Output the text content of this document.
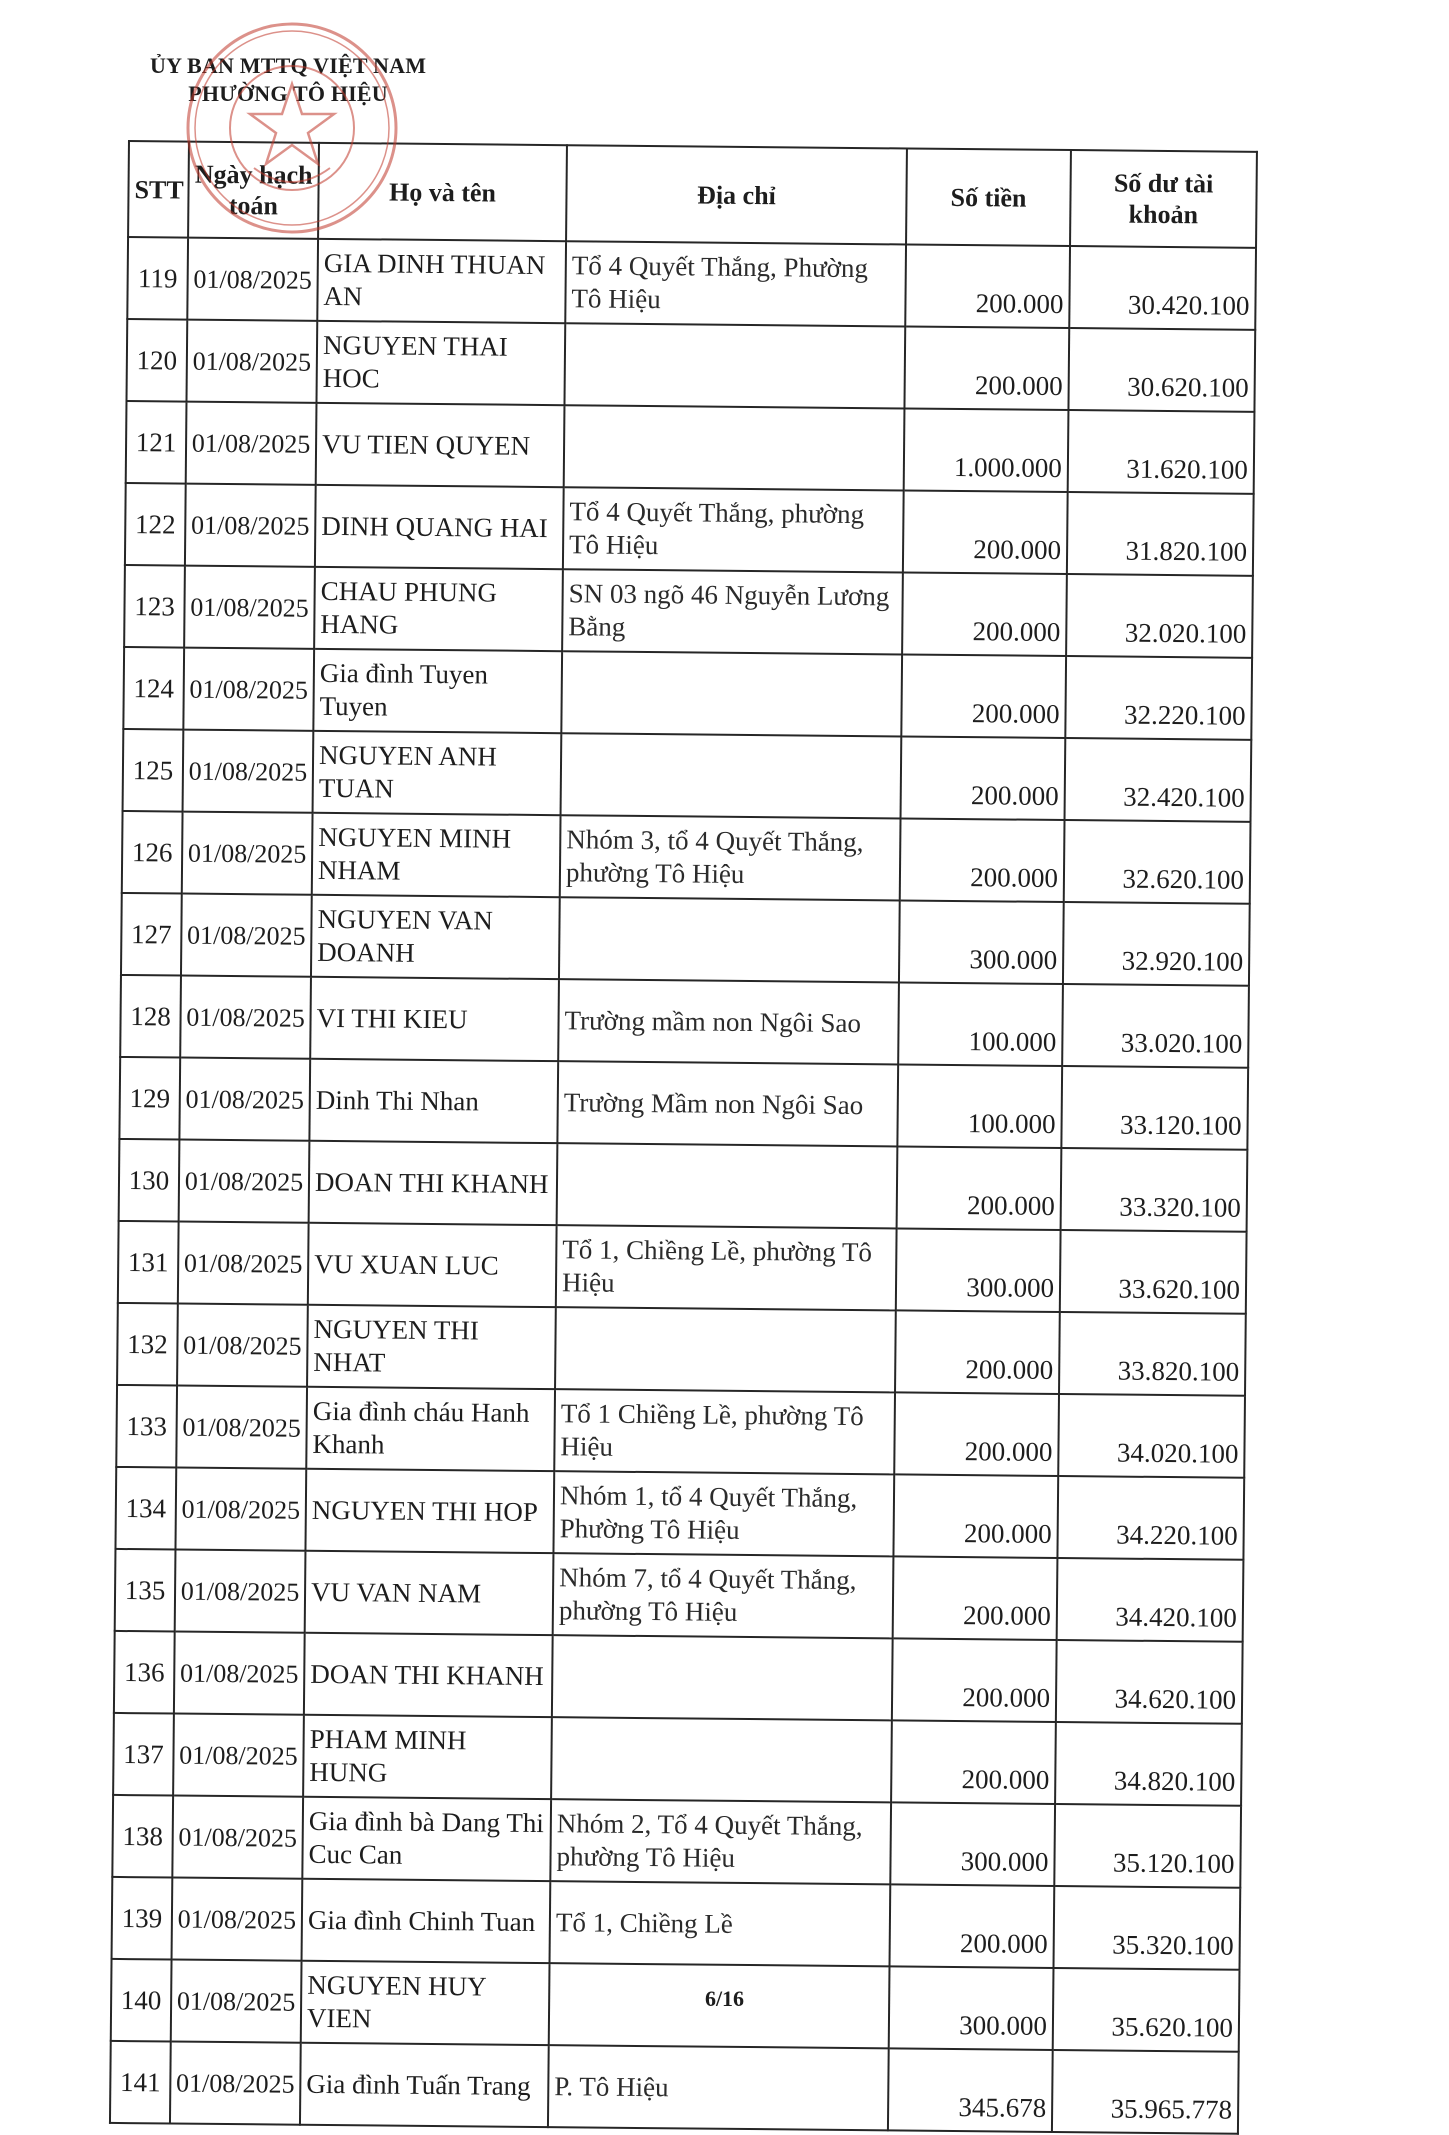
ỦY BAN MTTQ VIỆT NAM
PHƯỜNG TÔ HIỆU
STT	Ngày hạch toán	Họ và tên	Địa chỉ	Số tiền	Số dư tài khoản
119	01/08/2025	GIA DINH THUAN AN	Tổ 4 Quyết Thắng, Phường Tô Hiệu	200.000	30.420.100
120	01/08/2025	NGUYEN THAI HOC		200.000	30.620.100
121	01/08/2025	VU TIEN QUYEN		1.000.000	31.620.100
122	01/08/2025	DINH QUANG HAI	Tổ 4 Quyết Thắng, phường Tô Hiệu	200.000	31.820.100
123	01/08/2025	CHAU PHUNG HANG	SN 03 ngõ 46 Nguyễn Lương Bằng	200.000	32.020.100
124	01/08/2025	Gia đình Tuyen Tuyen		200.000	32.220.100
125	01/08/2025	NGUYEN ANH TUAN		200.000	32.420.100
126	01/08/2025	NGUYEN MINH NHAM	Nhóm 3, tổ 4 Quyết Thắng, phường Tô Hiệu	200.000	32.620.100
127	01/08/2025	NGUYEN VAN DOANH		300.000	32.920.100
128	01/08/2025	VI THI KIEU	Trường mầm non Ngôi Sao	100.000	33.020.100
129	01/08/2025	Dinh Thi Nhan	Trường Mầm non Ngôi Sao	100.000	33.120.100
130	01/08/2025	DOAN THI KHANH		200.000	33.320.100
131	01/08/2025	VU XUAN LUC	Tổ 1, Chiềng Lề, phường Tô Hiệu	300.000	33.620.100
132	01/08/2025	NGUYEN THI NHAT		200.000	33.820.100
133	01/08/2025	Gia đình cháu Hanh Khanh	Tổ 1 Chiềng Lề, phường Tô Hiệu	200.000	34.020.100
134	01/08/2025	NGUYEN THI HOP	Nhóm 1, tổ 4 Quyết Thắng, Phường Tô Hiệu	200.000	34.220.100
135	01/08/2025	VU VAN NAM	Nhóm 7, tổ 4 Quyết Thắng, phường Tô Hiệu	200.000	34.420.100
136	01/08/2025	DOAN THI KHANH		200.000	34.620.100
137	01/08/2025	PHAM MINH HUNG		200.000	34.820.100
138	01/08/2025	Gia đình bà Dang Thi Cuc Can	Nhóm 2, Tổ 4 Quyết Thắng, phường Tô Hiệu	300.000	35.120.100
139	01/08/2025	Gia đình Chinh Tuan	Tổ 1, Chiềng Lề	200.000	35.320.100
140	01/08/2025	NGUYEN HUY VIEN		300.000	35.620.100
141	01/08/2025	Gia đình Tuấn Trang	P. Tô Hiệu	345.678	35.965.778
6/16
